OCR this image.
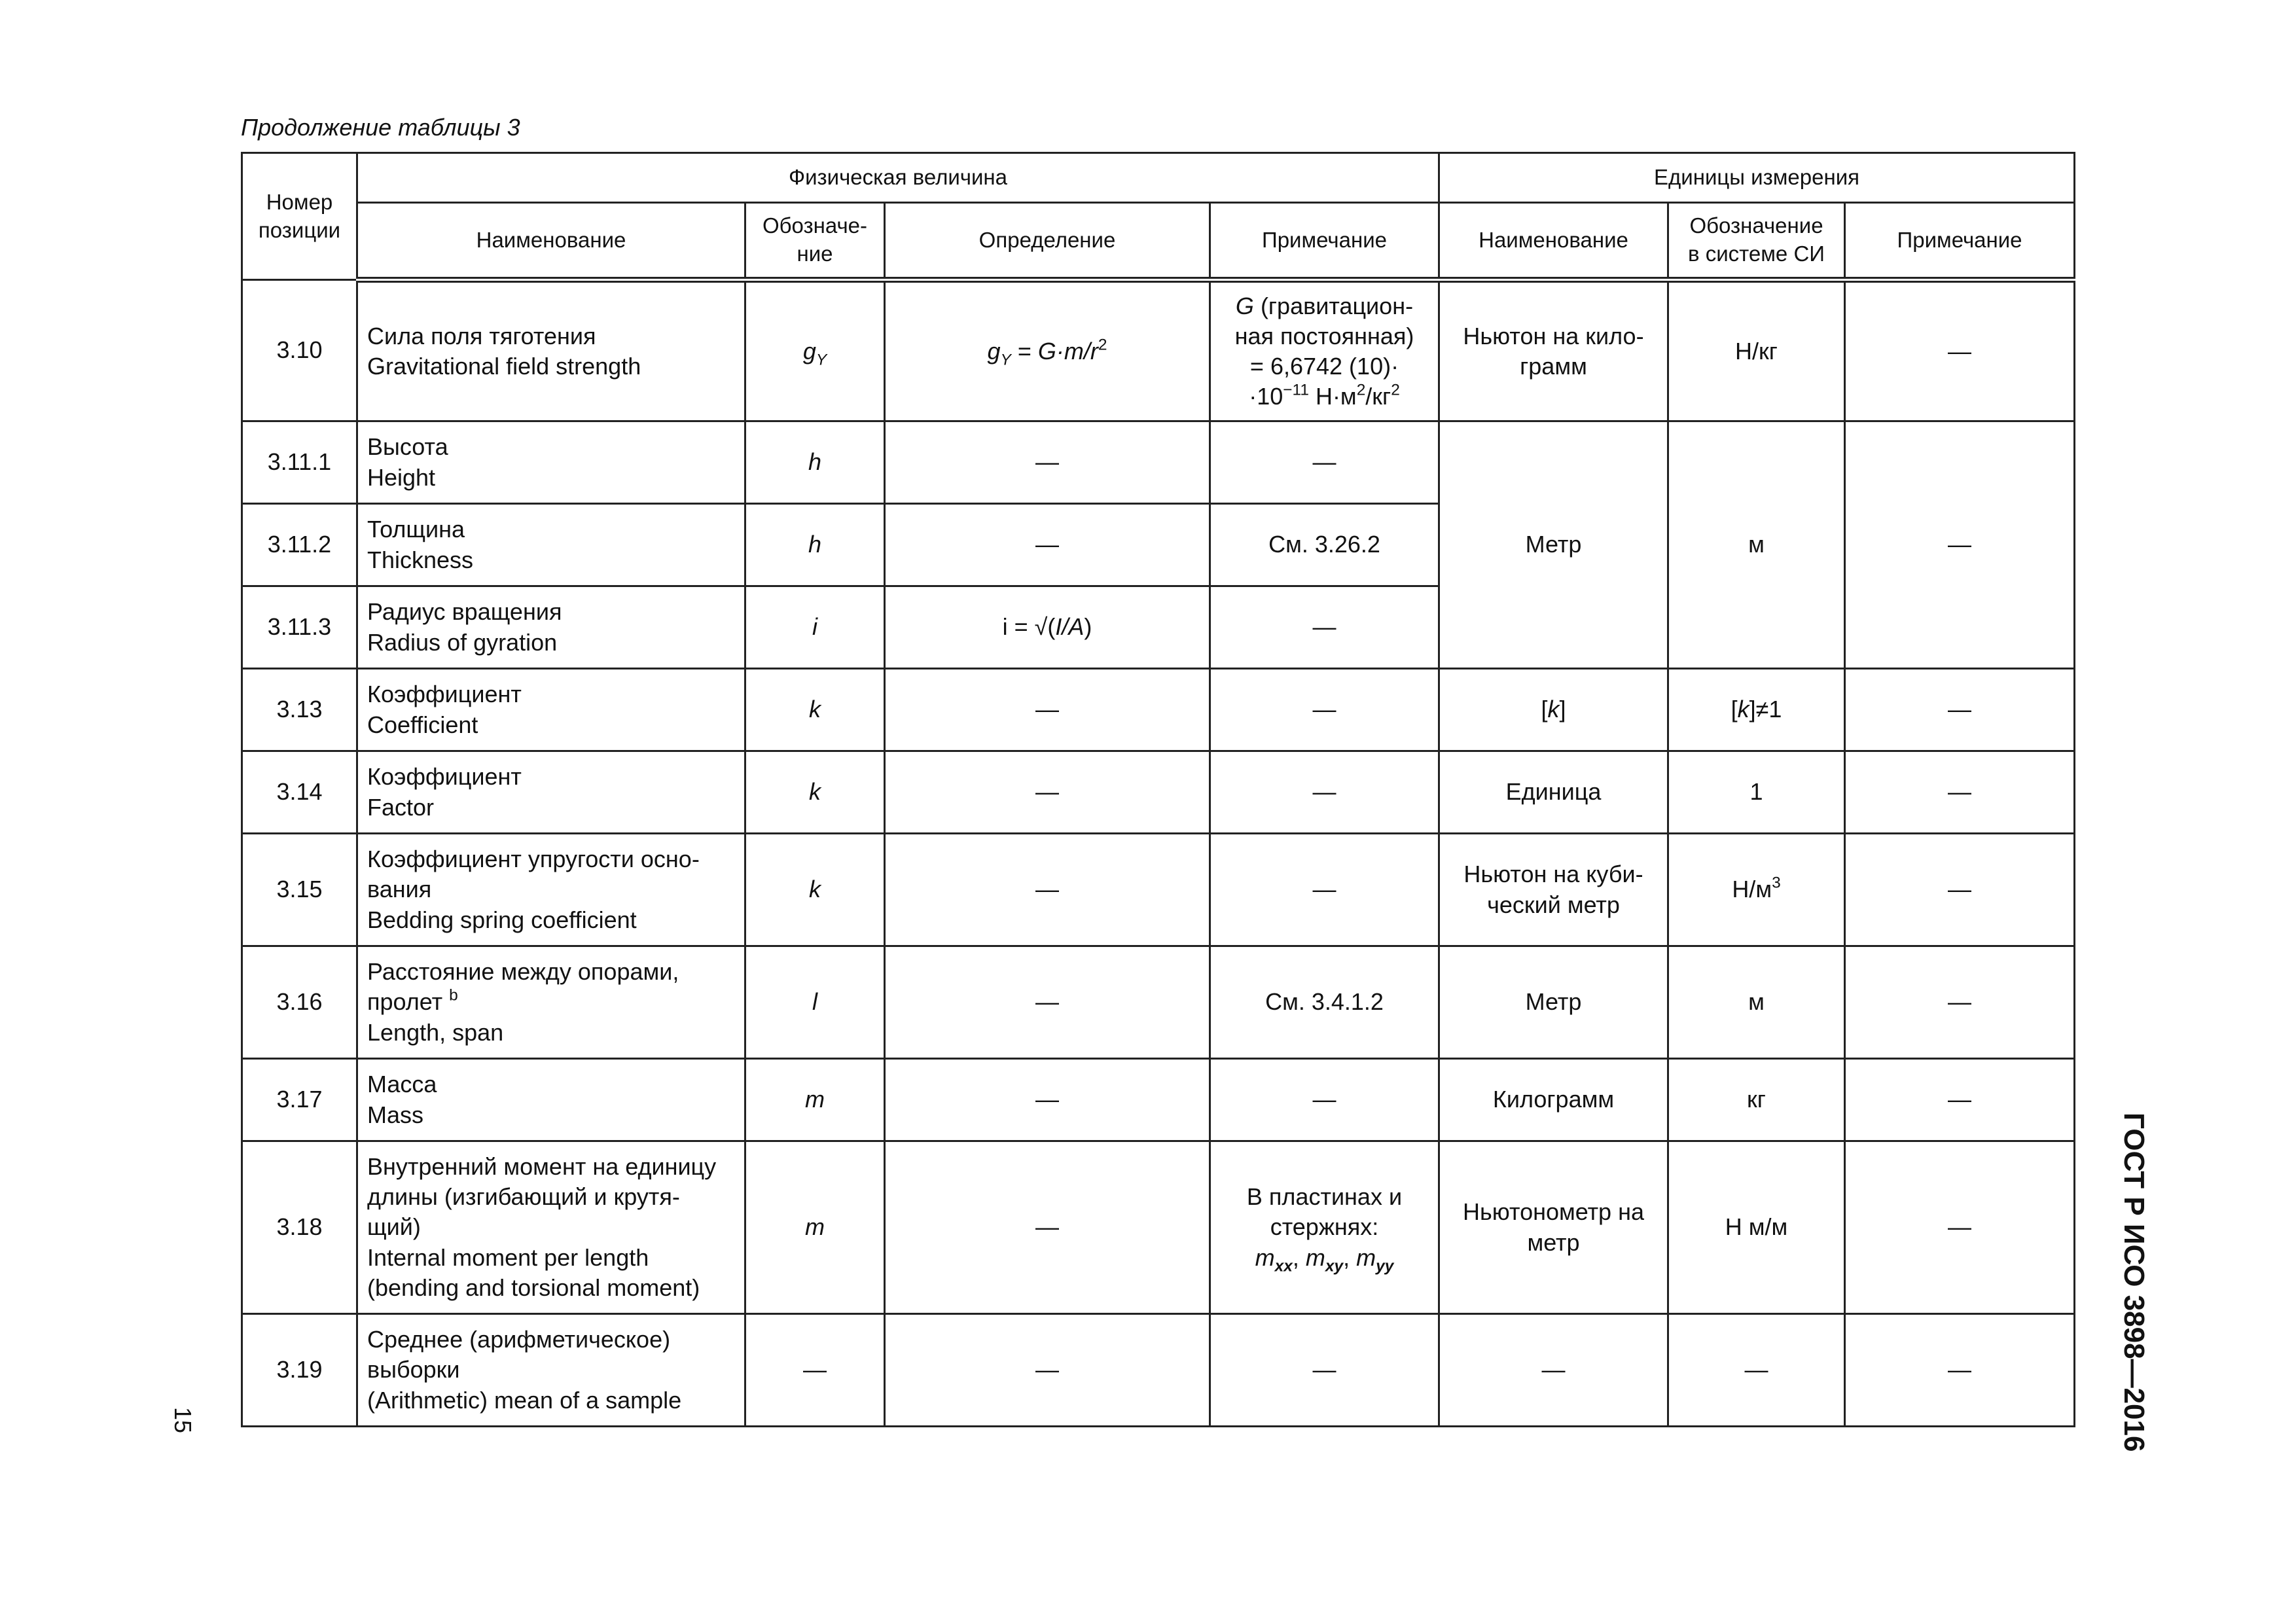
Продолжение таблицы 3
Номер
позиции	Физическая величина				Единицы измерения		
	Наименование	Обозначе-
ние	Определение	Примечание	Наименование	Обозначение
в системе СИ	Примечание
3.10	Сила поля тяготения
Gravitational field strength	$g_Y$	$g_Y = G\cdot m/r^2$	G (гравитацион-
ная постоянная)
= 6,6742 (10)·
$\cdot 10^{-11}$ $Н\cdot м^2/кг^2$	Ньютон на кило-
грамм	Н/кг	—
3.11.1	Высота
Height	h	—	—	Метр	м	—
3.11.2	Толщина
Thickness	h	—	См. 3.26.2			
3.11.3	Радиус вращения
Radius of gyration	i	i = √(I/A)	—			
3.13	Коэффициент
Coefficient	k	—	—	[k]	[k]≠1	—
3.14	Коэффициент
Factor	k	—	—	Единица	1	—
3.15	Коэффициент упругости осно-
вания
Bedding spring coefficient	k	—	—	Ньютон на куби-
ческий метр	$Н/м^3$	—
3.16	Расстояние между опорами,
пролет $^b$
Length, span	l	—	См. 3.4.1.2	Метр	м	—
3.17	Масса
Mass	m	—	—	Килограмм	кг	—
3.18	Внутренний момент на единицу
длины (изгибающий и крутя-
щий)
Internal moment per length
(bending and torsional moment)	m	—	В пластинах и
стержнях:
$m_{xx}$, $m_{xy}$, $m_{yy}$	Ньютонометр на
метр	Н м/м	—
3.19	Среднее (арифметическое)
выборки
(Arithmetic) mean of a sample	—	—	—	—	—	—	ГОСТ Р ИСО 3898—2016
15
